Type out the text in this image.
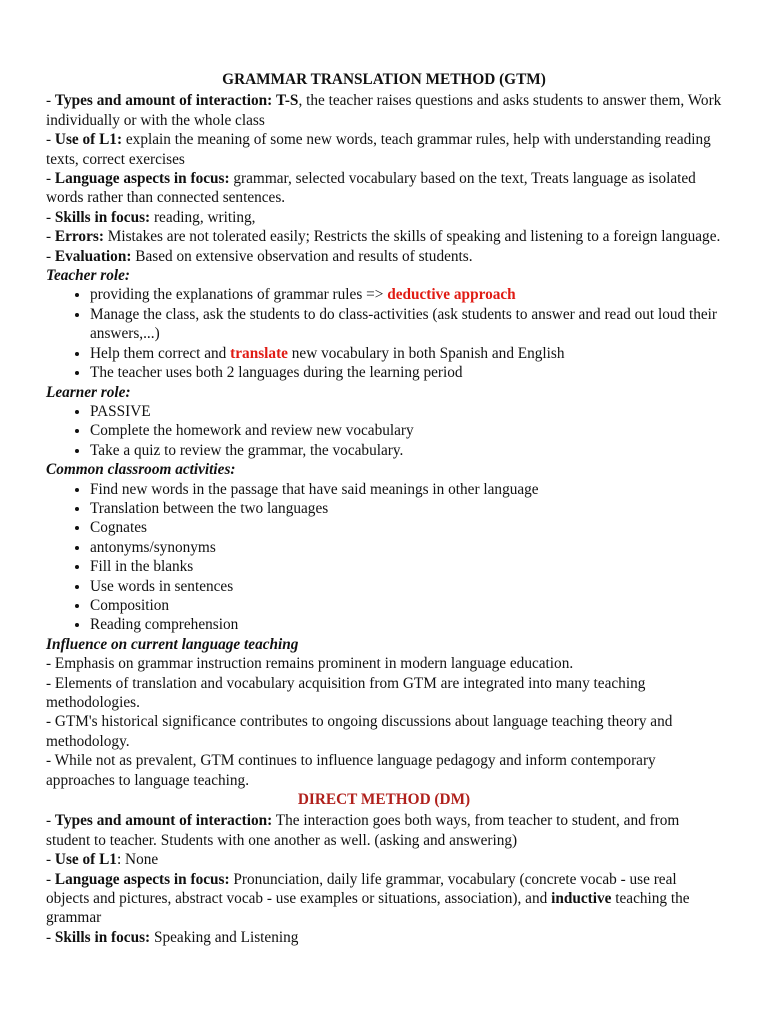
GRAMMAR TRANSLATION METHOD (GTM)

- Types and amount of interaction: T-S, the teacher raises questions and asks students to answer them, Work individually or with the whole class

- Use of L1: explain the meaning of some new words, teach grammar rules, help with understanding reading texts, correct exercises

- Language aspects in focus: grammar, selected vocabulary based on the text, Treats language as isolated words rather than connected sentences.

- Skills in focus: reading, writing,

- Errors: Mistakes are not tolerated easily; Restricts the skills of speaking and listening to a foreign language.

- Evaluation: Based on extensive observation and results of students.

Teacher role:

• providing the explanations of grammar rules => deductive approach
• Manage the class, ask the students to do class-activities (ask students to answer and read out loud their answers,...)
• Help them correct and translate new vocabulary in both Spanish and English
• The teacher uses both 2 languages during the learning period

Learner role:

• PASSIVE
• Complete the homework and review new vocabulary
• Take a quiz to review the grammar, the vocabulary.

Common classroom activities:

• Find new words in the passage that have said meanings in other language
• Translation between the two languages
• Cognates
• antonyms/synonyms
• Fill in the blanks
• Use words in sentences
• Composition
• Reading comprehension

Influence on current language teaching

- Emphasis on grammar instruction remains prominent in modern language education.

- Elements of translation and vocabulary acquisition from GTM are integrated into many teaching methodologies.

- GTM's historical significance contributes to ongoing discussions about language teaching theory and methodology.

- While not as prevalent, GTM continues to influence language pedagogy and inform contemporary approaches to language teaching.

DIRECT METHOD (DM)

- Types and amount of interaction: The interaction goes both ways, from teacher to student, and from student to teacher. Students with one another as well. (asking and answering)

- Use of L1: None

- Language aspects in focus: Pronunciation, daily life grammar, vocabulary (concrete vocab - use real objects and pictures, abstract vocab - use examples or situations, association), and inductive teaching the grammar

- Skills in focus: Speaking and Listening
